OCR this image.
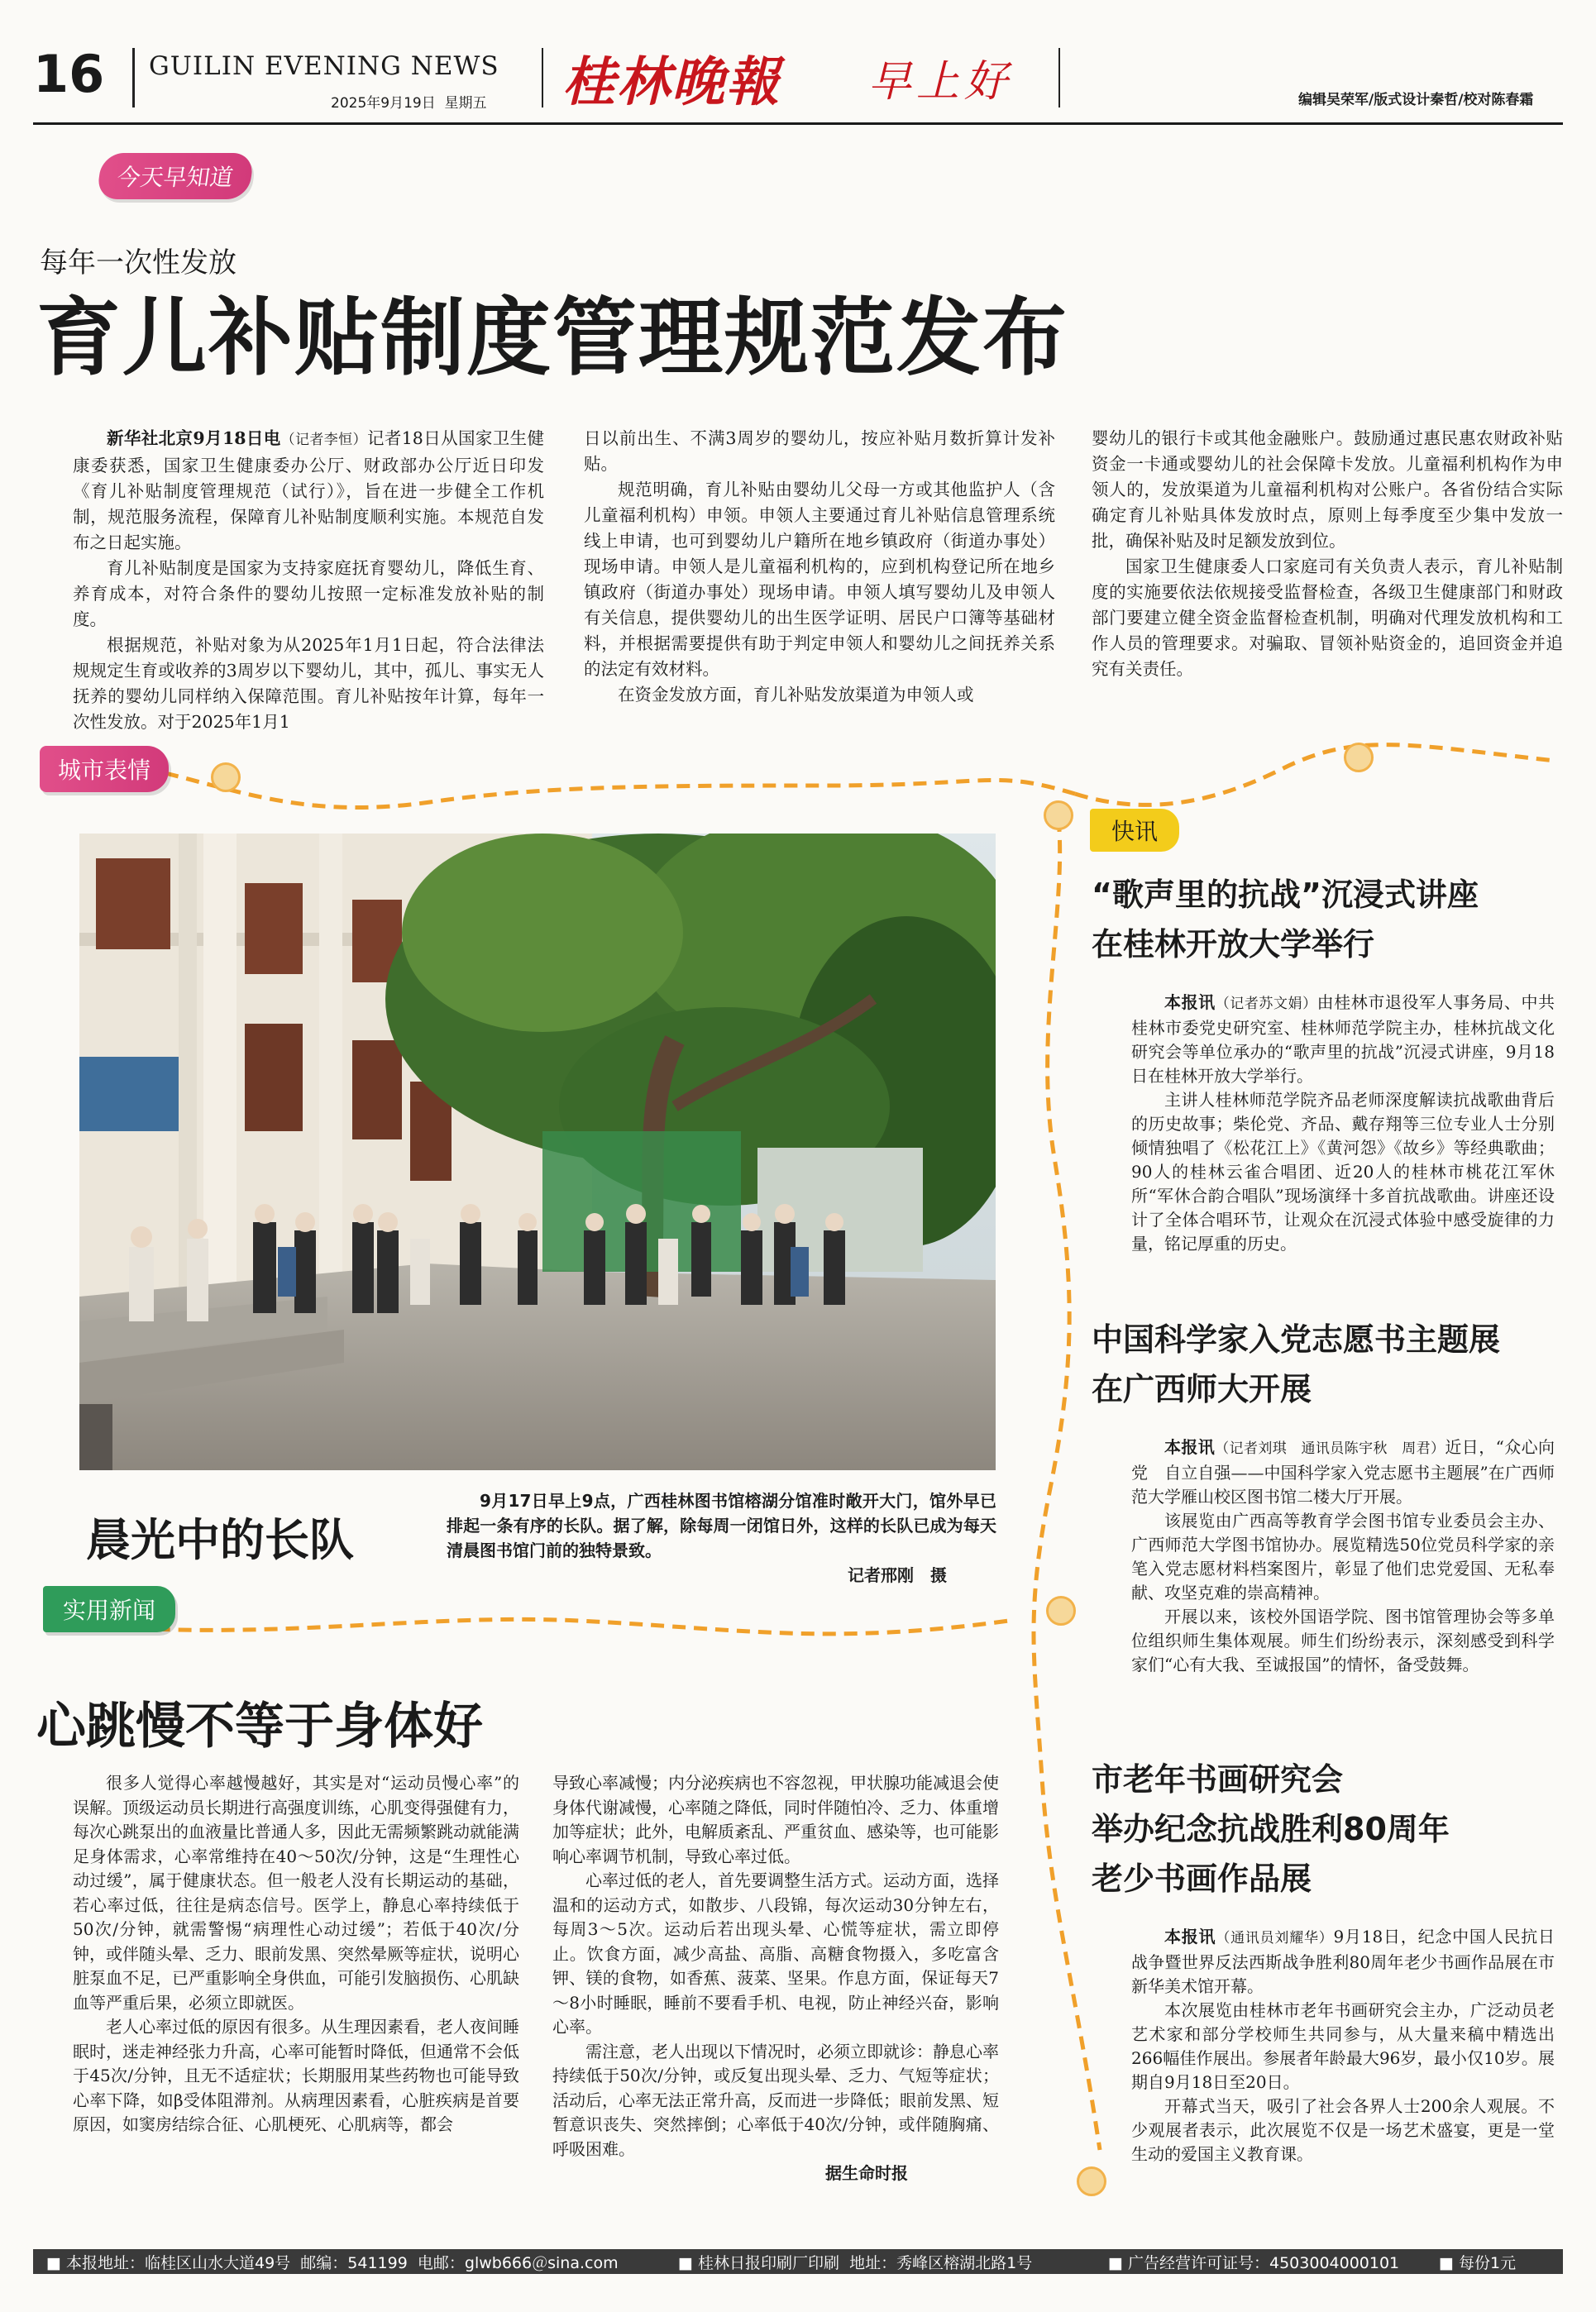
16 GUILIN EVENING NEWS
2025年9月19日 星期五 桂林晚報 早上好	编辑吴荣军/版式设计秦哲/校对陈春霜
今天早知道
每年一次性发放
育儿补贴制度管理规范发布

新华社北京9月18日电（记者李恒）记者18日从国家卫生健康委获悉，国家卫生健康委办公厅、财政部办公厅近日印发《育儿补贴制度管理规范（试行）》，旨在进一步健全工作机制，规范服务流程，保障育儿补贴制度顺利实施。本规范自发布之日起实施。

育儿补贴制度是国家为支持家庭抚育婴幼儿，降低生育、养育成本，对符合条件的婴幼儿按照一定标准发放补贴的制度。

根据规范，补贴对象为从2025年1月1日起，符合法律法规规定生育或收养的3周岁以下婴幼儿，其中，孤儿、事实无人抚养的婴幼儿同样纳入保障范围。育儿补贴按年计算，每年一次性发放。对于2025年1月1

日以前出生、不满3周岁的婴幼儿，按应补贴月数折算计发补贴。

规范明确，育儿补贴由婴幼儿父母一方或其他监护人（含儿童福利机构）申领。申领人主要通过育儿补贴信息管理系统线上申请，也可到婴幼儿户籍所在地乡镇政府（街道办事处）现场申请。申领人是儿童福利机构的，应到机构登记所在地乡镇政府（街道办事处）现场申请。申领人填写婴幼儿及申领人有关信息，提供婴幼儿的出生医学证明、居民户口簿等基础材料，并根据需要提供有助于判定申领人和婴幼儿之间抚养关系的法定有效材料。

在资金发放方面，育儿补贴发放渠道为申领人或

婴幼儿的银行卡或其他金融账户。鼓励通过惠民惠农财政补贴资金一卡通或婴幼儿的社会保障卡发放。儿童福利机构作为申领人的，发放渠道为儿童福利机构对公账户。各省份结合实际确定育儿补贴具体发放时点，原则上每季度至少集中发放一批，确保补贴及时足额发放到位。

国家卫生健康委人口家庭司有关负责人表示，育儿补贴制度的实施要依法依规接受监督检查，各级卫生健康部门和财政部门要建立健全资金监督检查机制，明确对代理发放机构和工作人员的管理要求。对骗取、冒领补贴资金的，追回资金并追究有关责任。

城市表情
晨光中的长队

9月17日早上9点，广西桂林图书馆榕湖分馆准时敞开大门，馆外早已排起一条有序的长队。据了解，除每周一闭馆日外，这样的长队已成为每天清晨图书馆门前的独特景致。

记者邢刚　摄

实用新闻
心跳慢不等于身体好

很多人觉得心率越慢越好，其实是对“运动员慢心率”的误解。顶级运动员长期进行高强度训练，心肌变得强健有力，每次心跳泵出的血液量比普通人多，因此无需频繁跳动就能满足身体需求，心率常维持在40～50次/分钟，这是“生理性心动过缓”，属于健康状态。但一般老人没有长期运动的基础，若心率过低，往往是病态信号。医学上，静息心率持续低于50次/分钟，就需警惕“病理性心动过缓”；若低于40次/分钟，或伴随头晕、乏力、眼前发黑、突然晕厥等症状，说明心脏泵血不足，已严重影响全身供血，可能引发脑损伤、心肌缺血等严重后果，必须立即就医。

老人心率过低的原因有很多。从生理因素看，老人夜间睡眠时，迷走神经张力升高，心率可能暂时降低，但通常不会低于45次/分钟，且无不适症状；长期服用某些药物也可能导致心率下降，如β受体阻滞剂。从病理因素看，心脏疾病是首要原因，如窦房结综合征、心肌梗死、心肌病等，都会

导致心率减慢；内分泌疾病也不容忽视，甲状腺功能减退会使身体代谢减慢，心率随之降低，同时伴随怕冷、乏力、体重增加等症状；此外，电解质紊乱、严重贫血、感染等，也可能影响心率调节机制，导致心率过低。

心率过低的老人，首先要调整生活方式。运动方面，选择温和的运动方式，如散步、八段锦，每次运动30分钟左右，每周3～5次。运动后若出现头晕、心慌等症状，需立即停止。饮食方面，减少高盐、高脂、高糖食物摄入，多吃富含钾、镁的食物，如香蕉、菠菜、坚果。作息方面，保证每天7～8小时睡眠，睡前不要看手机、电视，防止神经兴奋，影响心率。

需注意，老人出现以下情况时，必须立即就诊：静息心率持续低于50次/分钟，或反复出现头晕、乏力、气短等症状；活动后，心率无法正常升高，反而进一步降低；眼前发黑、短暂意识丧失、突然摔倒；心率低于40次/分钟，或伴随胸痛、呼吸困难。

据生命时报

快讯
“歌声里的抗战”沉浸式讲座
在桂林开放大学举行

本报讯（记者苏文娟）由桂林市退役军人事务局、中共桂林市委党史研究室、桂林师范学院主办，桂林抗战文化研究会等单位承办的“歌声里的抗战”沉浸式讲座，9月18日在桂林开放大学举行。

主讲人桂林师范学院齐品老师深度解读抗战歌曲背后的历史故事；柴伦党、齐品、戴存翔等三位专业人士分别倾情独唱了《松花江上》《黄河怨》《故乡》等经典歌曲；90人的桂林云雀合唱团、近20人的桂林市桃花江军休所“军休合韵合唱队”现场演绎十多首抗战歌曲。讲座还设计了全体合唱环节，让观众在沉浸式体验中感受旋律的力量，铭记厚重的历史。

中国科学家入党志愿书主题展
在广西师大开展

本报讯（记者刘琪　通讯员陈宇秋　周君）近日，“众心向党　自立自强——中国科学家入党志愿书主题展”在广西师范大学雁山校区图书馆二楼大厅开展。

该展览由广西高等教育学会图书馆专业委员会主办、广西师范大学图书馆协办。展览精选50位党员科学家的亲笔入党志愿材料档案图片，彰显了他们忠党爱国、无私奉献、攻坚克难的崇高精神。

开展以来，该校外国语学院、图书馆管理协会等多单位组织师生集体观展。师生们纷纷表示，深刻感受到科学家们“心有大我、至诚报国”的情怀，备受鼓舞。

市老年书画研究会
举办纪念抗战胜利80周年
老少书画作品展

本报讯（通讯员刘耀华）9月18日，纪念中国人民抗日战争暨世界反法西斯战争胜利80周年老少书画作品展在市新华美术馆开幕。

本次展览由桂林市老年书画研究会主办，广泛动员老艺术家和部分学校师生共同参与，从大量来稿中精选出266幅佳作展出。参展者年龄最大96岁，最小仅10岁。展期自9月18日至20日。

开幕式当天，吸引了社会各界人士200余人观展。不少观展者表示，此次展览不仅是一场艺术盛宴，更是一堂生动的爱国主义教育课。

■ 本报地址：临桂区山水大道49号 邮编：541199 电邮：glwb666＠sina.com	■ 桂林日报印刷厂印刷 地址：秀峰区榕湖北路1号	■ 广告经营许可证号：4503004000101	■ 每份1元
